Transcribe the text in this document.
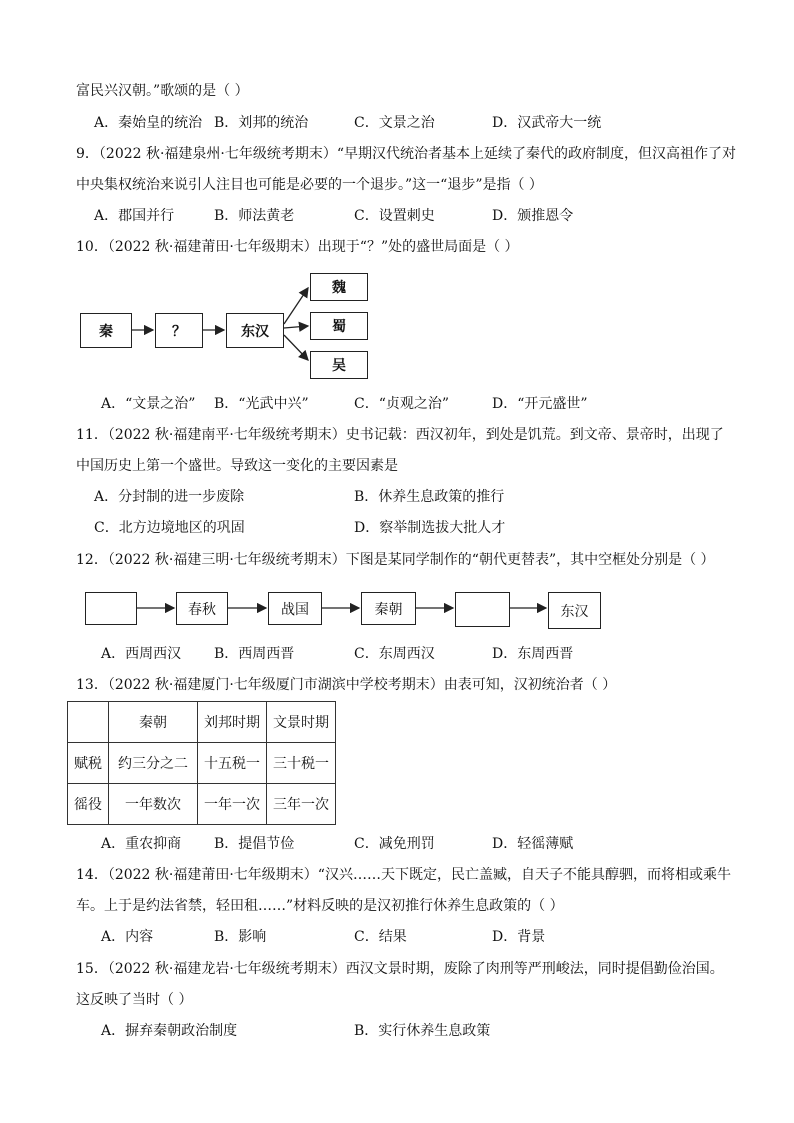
富民兴汉朝。”歌颂的是（ ）
A．秦始皇的统治 B．刘邦的统治	C．文景之治	D．汉武帝大一统
9．（2022 秋·福建泉州·七年级统考期末）“早期汉代统治者基本上延续了秦代的政府制度，但汉高祖作了对
中央集权统治来说引人注目也可能是必要的一个退步。”这一“退步”是指（ ）
A．郡国并行	B．师法黄老	C．设置刺史	D．颁推恩令
10．（2022 秋·福建莆田·七年级期末）出现于“？”处的盛世局面是（ ）
秦	？	东汉
魏
蜀
吴
A．“文景之治” B．“光武中兴”	C．“贞观之治”	D．“开元盛世”
11．（2022 秋·福建南平·七年级统考期末）史书记载：西汉初年，到处是饥荒。到文帝、景帝时，出现了
中国历史上第一个盛世。导致这一变化的主要因素是
A．分封制的进一步废除	B．休养生息政策的推行
C．北方边境地区的巩固	D．察举制选拔大批人才
12．（2022 秋·福建三明·七年级统考期末）下图是某同学制作的“朝代更替表”，其中空框处分别是（ ）
春秋	战国	秦朝	东汉
A．西周西汉 B．西周西晋	C．东周西汉	D．东周西晋
13．（2022 秋·福建厦门·七年级厦门市湖滨中学校考期末）由表可知，汉初统治者（ ）
	秦朝	刘邦时期	文景时期
赋税	约三分之二	十五税一	三十税一
徭役	一年数次	一年一次	三年一次
A．重农抑商 B．提倡节俭	C．减免刑罚	D．轻徭薄赋
14．（2022 秋·福建莆田·七年级期末）“汉兴……天下既定，民亡盖臧，自天子不能具醇驷，而将相或乘牛
车。上于是约法省禁，轻田租……”材料反映的是汉初推行休养生息政策的（ ）
A．内容	B．影响	C．结果	D．背景
15．（2022 秋·福建龙岩·七年级统考期末）西汉文景时期，废除了肉刑等严刑峻法，同时提倡勤俭治国。
这反映了当时（ ）
A．摒弃秦朝政治制度	B．实行休养生息政策
